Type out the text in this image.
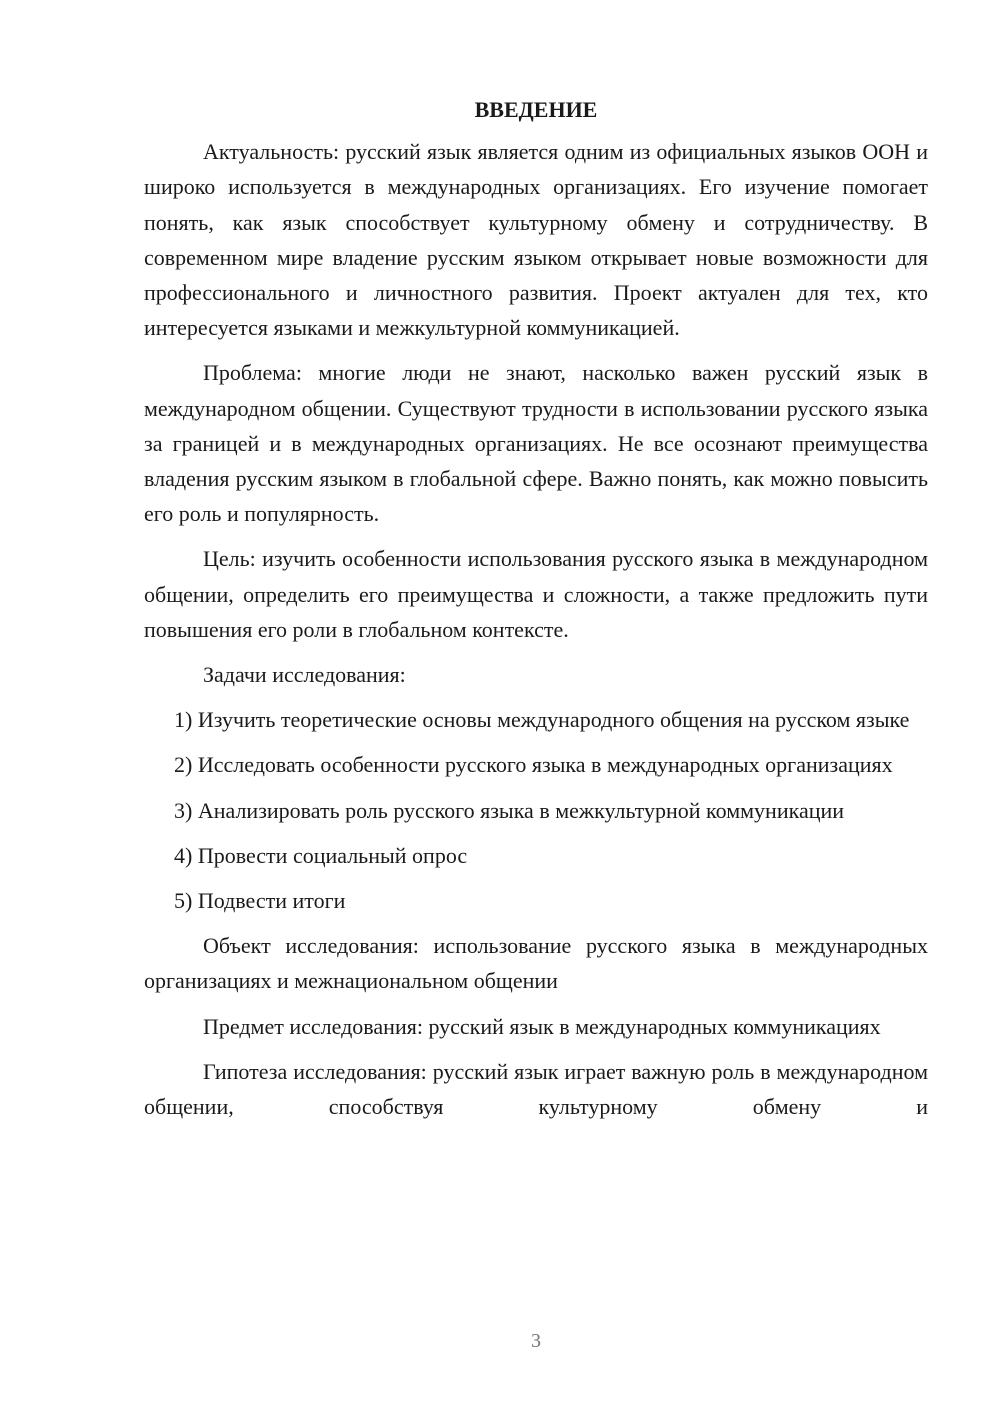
ВВЕДЕНИЕ

Актуальность: русский язык является одним из официальных языков ООН и широко используется в международных организациях. Его изучение помогает понять, как язык способствует культурному обмену и сотрудничеству. В современном мире владение русским языком открывает новые возможности для профессионального и личностного развития. Проект актуален для тех, кто интересуется языками и межкультурной коммуникацией.

Проблема: многие люди не знают, насколько важен русский язык в международном общении. Существуют трудности в использовании русского языка за границей и в международных организациях. Не все осознают преимущества владения русским языком в глобальной сфере. Важно понять, как можно повысить его роль и популярность.

Цель: изучить особенности использования русского языка в международном общении, определить его преимущества и сложности, а также предложить пути повышения его роли в глобальном контексте.

Задачи исследования:

1) Изучить теоретические основы международного общения на русском языке

2) Исследовать особенности русского языка в международных организациях

3) Анализировать роль русского языка в межкультурной коммуникации

4) Провести социальный опрос

5) Подвести итоги

Объект исследования: использование русского языка в международных организациях и межнациональном общении

Предмет исследования: русский язык в международных коммуникациях

Гипотеза исследования: русский язык играет важную роль в международном общении, способствуя культурному обмену и

3
